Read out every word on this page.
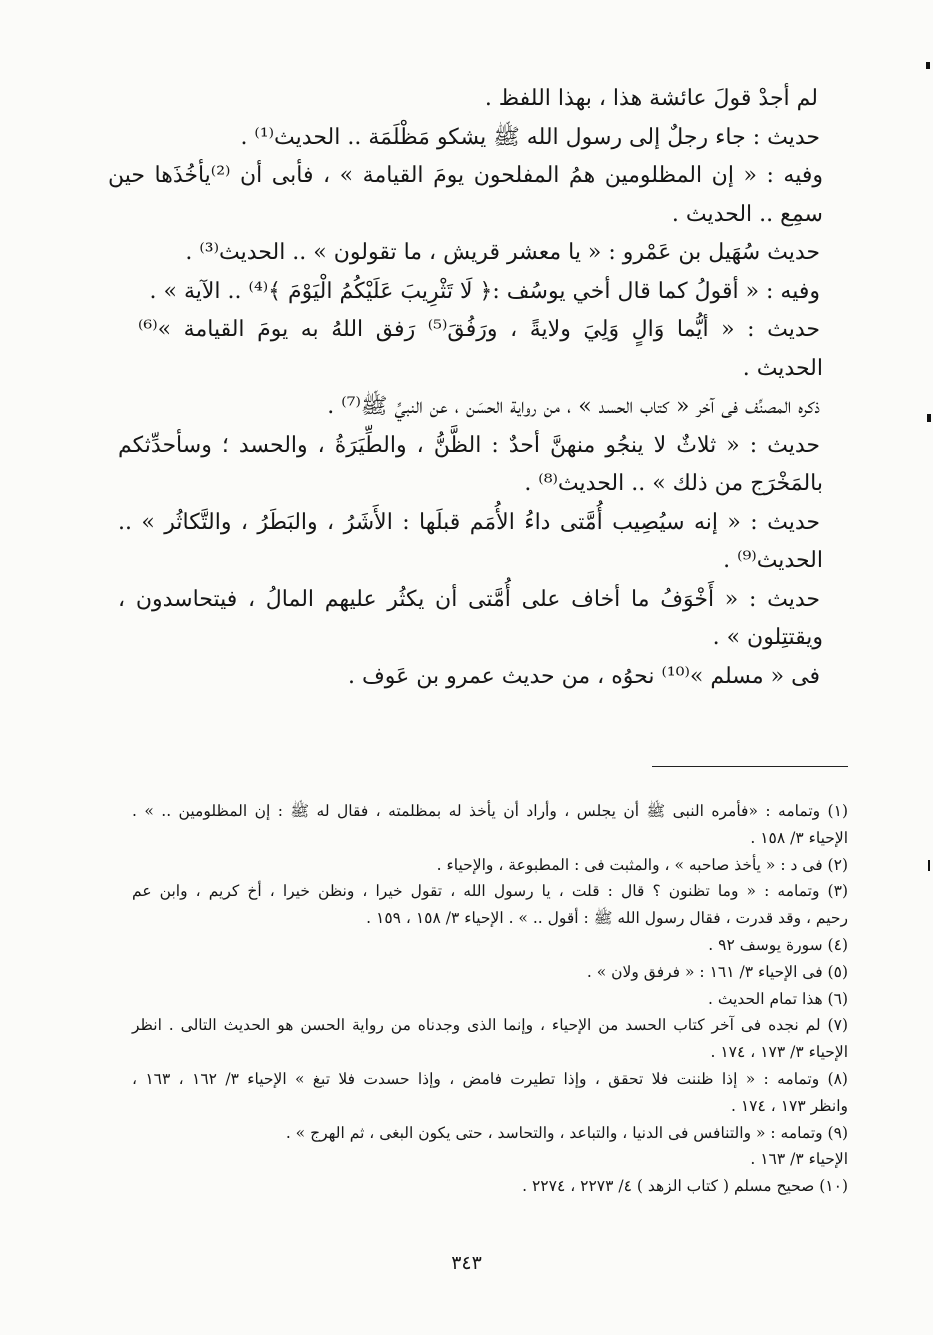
لم أجدْ قولَ عائشة هذا ، بهذا اللفظ .
حديث : جاء رجلٌ إلى رسول الله ﷺ يشكو مَظْلَمَة .. الحديث⁽¹⁾ .
وفيه : « إن المظلومين همُ المفلحون يومَ القيامة » ، فأبى أن ⁽²⁾يأخُذَها حين
سمِع .. الحديث .
حديث سُهَيل بن عَمْرو : « يا معشر قريش ، ما تقولون » .. الحديث⁽³⁾ .
وفيه : « أقولُ كما قال أخي يوسُف :﴿ لَا تَثْرِيبَ عَلَيْكُمُ الْيَوْمَ ﴾⁽⁴⁾ .. الآية » .
حديث : « أيُّما وَالٍ وَلِيَ ولايةً ، ورَفُقَ⁽⁵⁾ رَفق اللهُ به يومَ القيامة »⁽⁶⁾
الحديث .
ذكره المصنِّف فى آخر « كتاب الحسد » ، من رواية الحسَن ، عن النبيِّ ﷺ⁽⁷⁾ .
حديث : « ثلاثٌ لا ينجُو منهنَّ أحدٌ : الظَّنُّ ، والطِّيَرَةُ ، والحسد ؛ وسأحدِّثكم
بالمَخْرَج من ذلك » .. الحديث⁽⁸⁾ .
حديث : « إنه سيُصِيب أُمَّتى داءُ الأُمَم قبلَها : الأَشَرُ ، والبَطَرُ ، والتَّكاثُر » ..
الحديث⁽⁹⁾ .
حديث : « أَخْوَفُ ما أخاف على أُمَّتى أن يكثُر عليهم المالُ ، فيتحاسدون ،
ويقتتِلون » .
فى « مسلم »⁽¹⁰⁾ نحوُه ، من حديث عمرو بن عَوف .
(١) وتمامه : «فأمره النبى ﷺ أن يجلس ، وأراد أن يأخذ له بمظلمته ، فقال له ﷺ : إن المظلومين .. » .
الإحياء ٣/ ١٥٨ .
(٢) فى د : « يأخذ صاحبه » ، والمثبت فى : المطبوعة ، والإحياء .
(٣) وتمامه : « وما تظنون ؟ قال : قلت ، يا رسول الله ، تقول خيرا ، ونظن خيرا ، أخ كريم ، وابن عم
رحيم ، وقد قدرت ، فقال رسول الله ﷺ : أقول .. » . الإحياء ٣/ ١٥٨ ، ١٥٩ .
(٤) سورة يوسف ٩٢ .
(٥) فى الإحياء ٣/ ١٦١ : « فرفق ولان » .
(٦) هذا تمام الحديث .
(٧) لم نجده فى آخر كتاب الحسد من الإحياء ، وإنما الذى وجدناه من رواية الحسن هو الحديث التالى . انظر
الإحياء ٣/ ١٧٣ ، ١٧٤ .
(٨) وتمامه : « إذا ظننت فلا تحقق ، وإذا تطيرت فامض ، وإذا حسدت فلا تبغ » الإحياء ٣/ ١٦٢ ، ١٦٣ ،
وانظر ١٧٣ ، ١٧٤ .
(٩) وتمامه : « والتنافس فى الدنيا ، والتباعد ، والتحاسد ، حتى يكون البغى ، ثم الهرج » .
الإحياء ٣/ ١٦٣ .
(١٠) صحيح مسلم ( كتاب الزهد ) ٤/ ٢٢٧٣ ، ٢٢٧٤ .
٣٤٣
